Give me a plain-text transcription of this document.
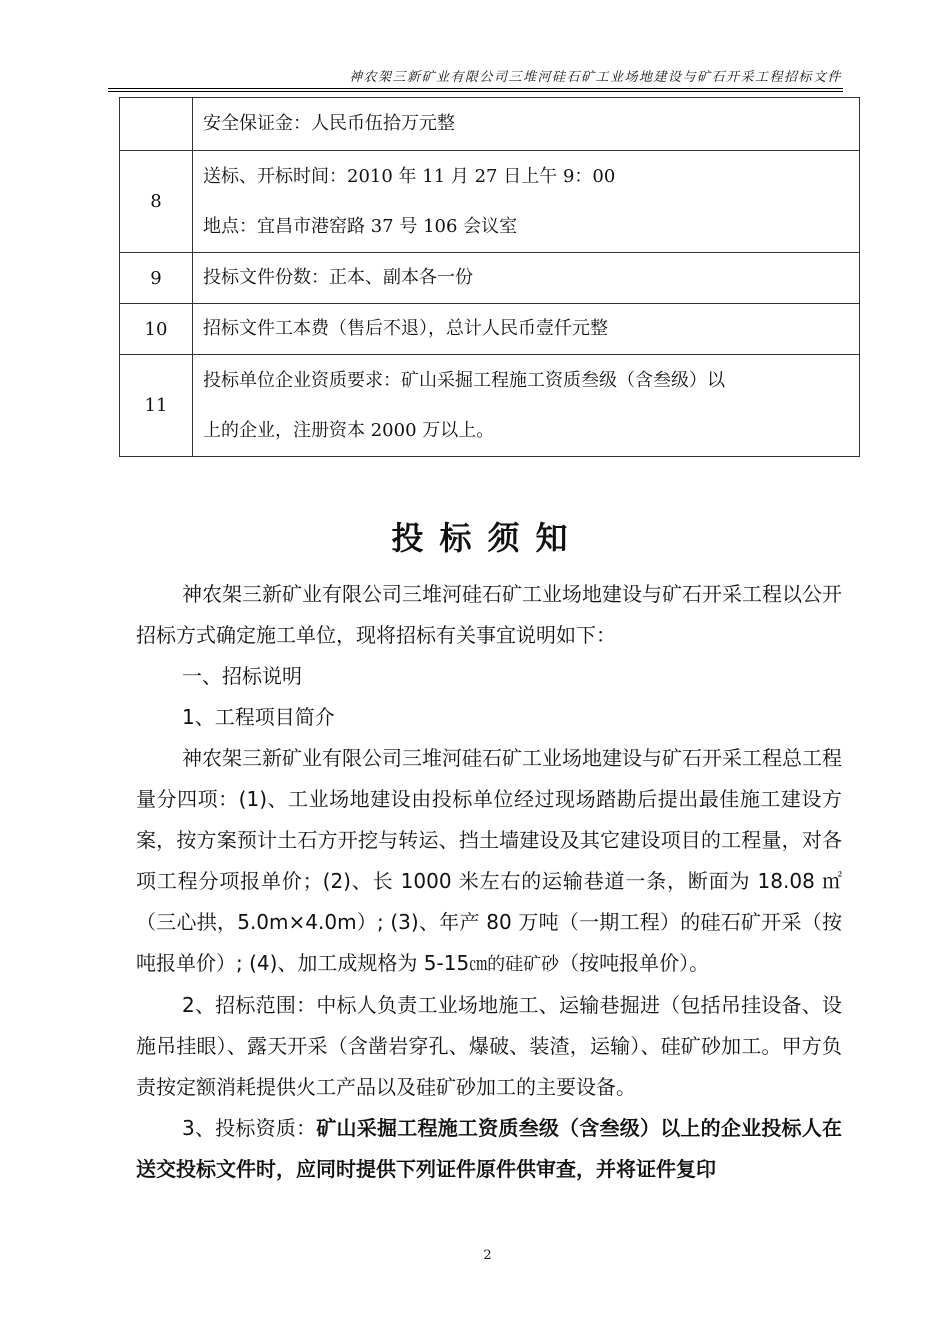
神农架三新矿业有限公司三堆河硅石矿工业场地建设与矿石开采工程招标文件

	安全保证金：人民币伍拾万元整

8	送标、开标时间：2010 年 11 月 27 日上午 9：00
地点：宜昌市港窑路 37 号 106 会议室

9	投标文件份数：正本、副本各一份

10	招标文件工本费（售后不退），总计人民币壹仟元整

11	投标单位企业资质要求：矿山采掘工程施工资质叁级（含叁级）以
上的企业，注册资本 2000 万以上。
投标须知

神农架三新矿业有限公司三堆河硅石矿工业场地建设与矿石开采工程以公开招标方式确定施工单位，现将招标有关事宜说明如下：

一、招标说明

1、工程项目简介

神农架三新矿业有限公司三堆河硅石矿工业场地建设与矿石开采工程总工程量分四项：(1)、工业场地建设由投标单位经过现场踏勘后提出最佳施工建设方案，按方案预计土石方开挖与转运、挡土墙建设及其它建设项目的工程量，对各项工程分项报单价；(2)、长 1000 米左右的运输巷道一条，断面为 18.08 ㎡（三心拱，5.0m×4.0m）; (3)、年产 80 万吨（一期工程）的硅石矿开采（按吨报单价）; (4)、加工成规格为 5-15㎝的硅矿砂（按吨报单价）。

2、招标范围：中标人负责工业场地施工、运输巷掘进（包括吊挂设备、设施吊挂眼）、露天开采（含凿岩穿孔、爆破、装渣，运输）、硅矿砂加工。甲方负责按定额消耗提供火工产品以及硅矿砂加工的主要设备。

3、投标资质：矿山采掘工程施工资质叁级（含叁级）以上的企业投标人在送交投标文件时，应同时提供下列证件原件供审查，并将证件复印

2
